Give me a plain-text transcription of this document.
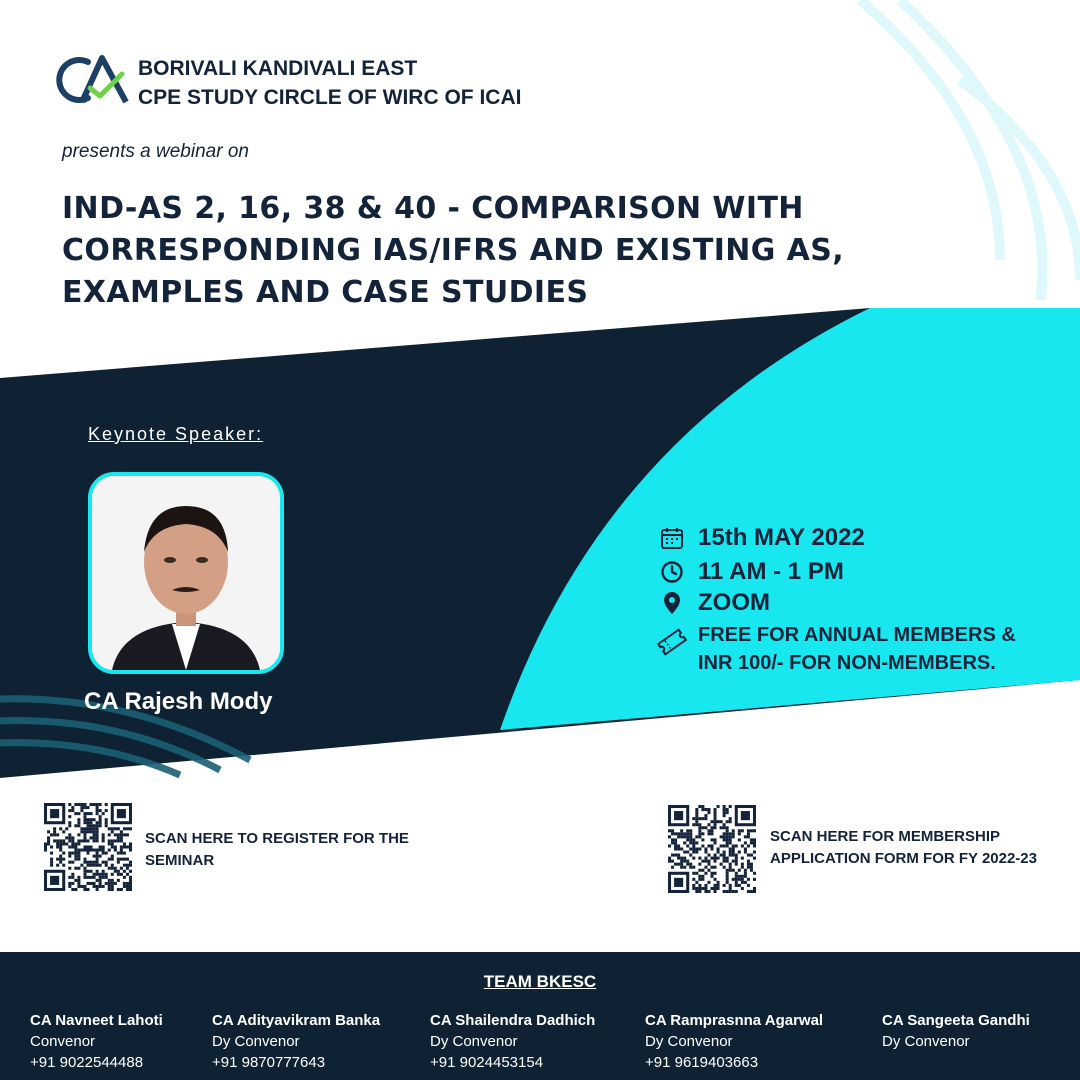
BORIVALI KANDIVALI EAST
CPE STUDY CIRCLE OF WIRC OF ICAI
presents a webinar on
IND-AS 2, 16, 38 & 40 - COMPARISON WITH
CORRESPONDING IAS/IFRS AND EXISTING AS,
EXAMPLES AND CASE STUDIES
Keynote Speaker:
CA Rajesh Mody
15th MAY 2022
11 AM - 1 PM
ZOOM
FREE FOR ANNUAL MEMBERS &
INR 100/- FOR NON-MEMBERS.
SCAN HERE TO REGISTER FOR THE
SEMINAR
SCAN HERE FOR MEMBERSHIP
APPLICATION FORM FOR FY 2022-23
TEAM BKESC
CA Navneet Lahoti
Convenor
+91 9022544488
CA Adityavikram Banka
Dy Convenor
+91 9870777643
CA Shailendra Dadhich
Dy Convenor
+91 9024453154
CA Ramprasnna Agarwal
Dy Convenor
+91 9619403663
CA Sangeeta Gandhi
Dy Convenor
